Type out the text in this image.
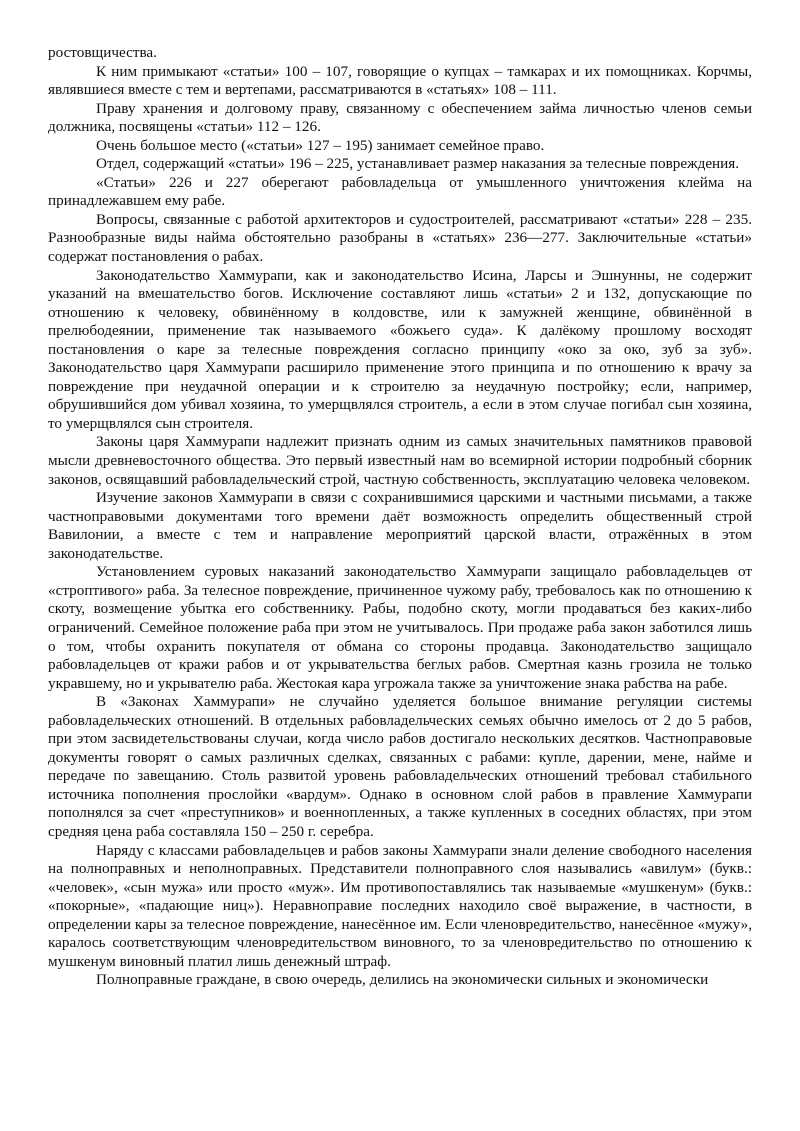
ростовщичества.

К ним примыкают «статьи» 100 – 107, говорящие о купцах – тамкарах и их помощниках. Корчмы, являвшиеся вместе с тем и вертепами, рассматриваются в «статьях» 108 – 111.

Праву хранения и долговому праву, связанному с обеспечением займа личностью членов семьи должника, посвящены «статьи» 112 – 126.

Очень большое место («статьи» 127 – 195) занимает семейное право.

Отдел, содержащий «статьи» 196 – 225, устанавливает размер наказания за телесные повреждения.

«Статьи» 226 и 227 оберегают рабовладельца от умышленного уничтожения клейма на принадлежавшем ему рабе.

Вопросы, связанные с работой архитекторов и судостроителей, рассматривают «статьи» 228 – 235. Разнообразные виды найма обстоятельно разобраны в «статьях» 236—277. Заключительные «статьи» содержат постановления о рабах.

Законодательство Хаммурапи, как и законодательство Исина, Ларсы и Эшнунны, не содержит указаний на вмешательство богов. Исключение составляют лишь «статьи» 2 и 132, допускающие по отношению к человеку, обвинённому в колдовстве, или к замужней женщине, обвинённой в прелюбодеянии, применение так называемого «божьего суда». К далёкому прошлому восходят постановления о каре за телесные повреждения согласно принципу «око за око, зуб за зуб». Законодательство царя Хаммурапи расширило применение этого принципа и по отношению к врачу за повреждение при неудачной операции и к строителю за неудачную постройку; если, например, обрушившийся дом убивал хозяина, то умерщвлялся строитель, а если в этом случае погибал сын хозяина, то умерщвлялся сын строителя.

Законы царя Хаммурапи надлежит признать одним из самых значительных памятников правовой мысли древневосточного общества. Это первый известный нам во всемирной истории подробный сборник законов, освящавший рабовладельческий строй, частную собственность, эксплуатацию человека человеком.

Изучение законов Хаммурапи в связи с сохранившимися царскими и частными письмами, а также частноправовыми документами того времени даёт возможность определить общественный строй Вавилонии, а вместе с тем и направление мероприятий царской власти, отражённых в этом законодательстве.

Установлением суровых наказаний законодательство Хаммурапи защищало рабовладельцев от «строптивого» раба. За телесное повреждение, причиненное чужому рабу, требовалось как по отношению к скоту, возмещение убытка его собственнику. Рабы, подобно скоту, могли продаваться без каких-либо ограничений. Семейное положение раба при этом не учитывалось. При продаже раба закон заботился лишь о том, чтобы охранить покупателя от обмана со стороны продавца. Законодательство защищало рабовладельцев от кражи рабов и от укрывательства беглых рабов. Смертная казнь грозила не только укравшему, но и укрывателю раба. Жестокая кара угрожала также за уничтожение знака рабства на рабе.

В «Законах Хаммурапи» не случайно уделяется большое внимание регуляции системы рабовладельческих отношений. В отдельных рабовладельческих семьях обычно имелось от 2 до 5 рабов, при этом засвидетельствованы случаи, когда число рабов достигало нескольких десятков. Частноправовые документы говорят о самых различных сделках, связанных с рабами: купле, дарении, мене, найме и передаче по завещанию. Столь развитой уровень рабовладельческих отношений требовал стабильного источника пополнения прослойки «вардум». Однако в основном слой рабов в правление Хаммурапи пополнялся за счет «преступников» и военнопленных, а также купленных в соседних областях, при этом средняя цена раба составляла 150 – 250 г. серебра.

Наряду с классами рабовладельцев и рабов законы Хаммурапи знали деление свободного населения на полноправных и неполноправных. Представители полноправного слоя назывались «авилум» (букв.: «человек», «сын мужа» или просто «муж». Им противопоставлялись так называемые «мушкенум» (букв.: «покорные», «падающие ниц»). Неравноправие последних находило своё выражение, в частности, в определении кары за телесное повреждение, нанесённое им. Если членовредительство, нанесённое «мужу», каралось соответствующим членовредительством виновного, то за членовредительство по отношению к мушкенум виновный платил лишь денежный штраф.

Полноправные граждане, в свою очередь, делились на экономически сильных и экономически
